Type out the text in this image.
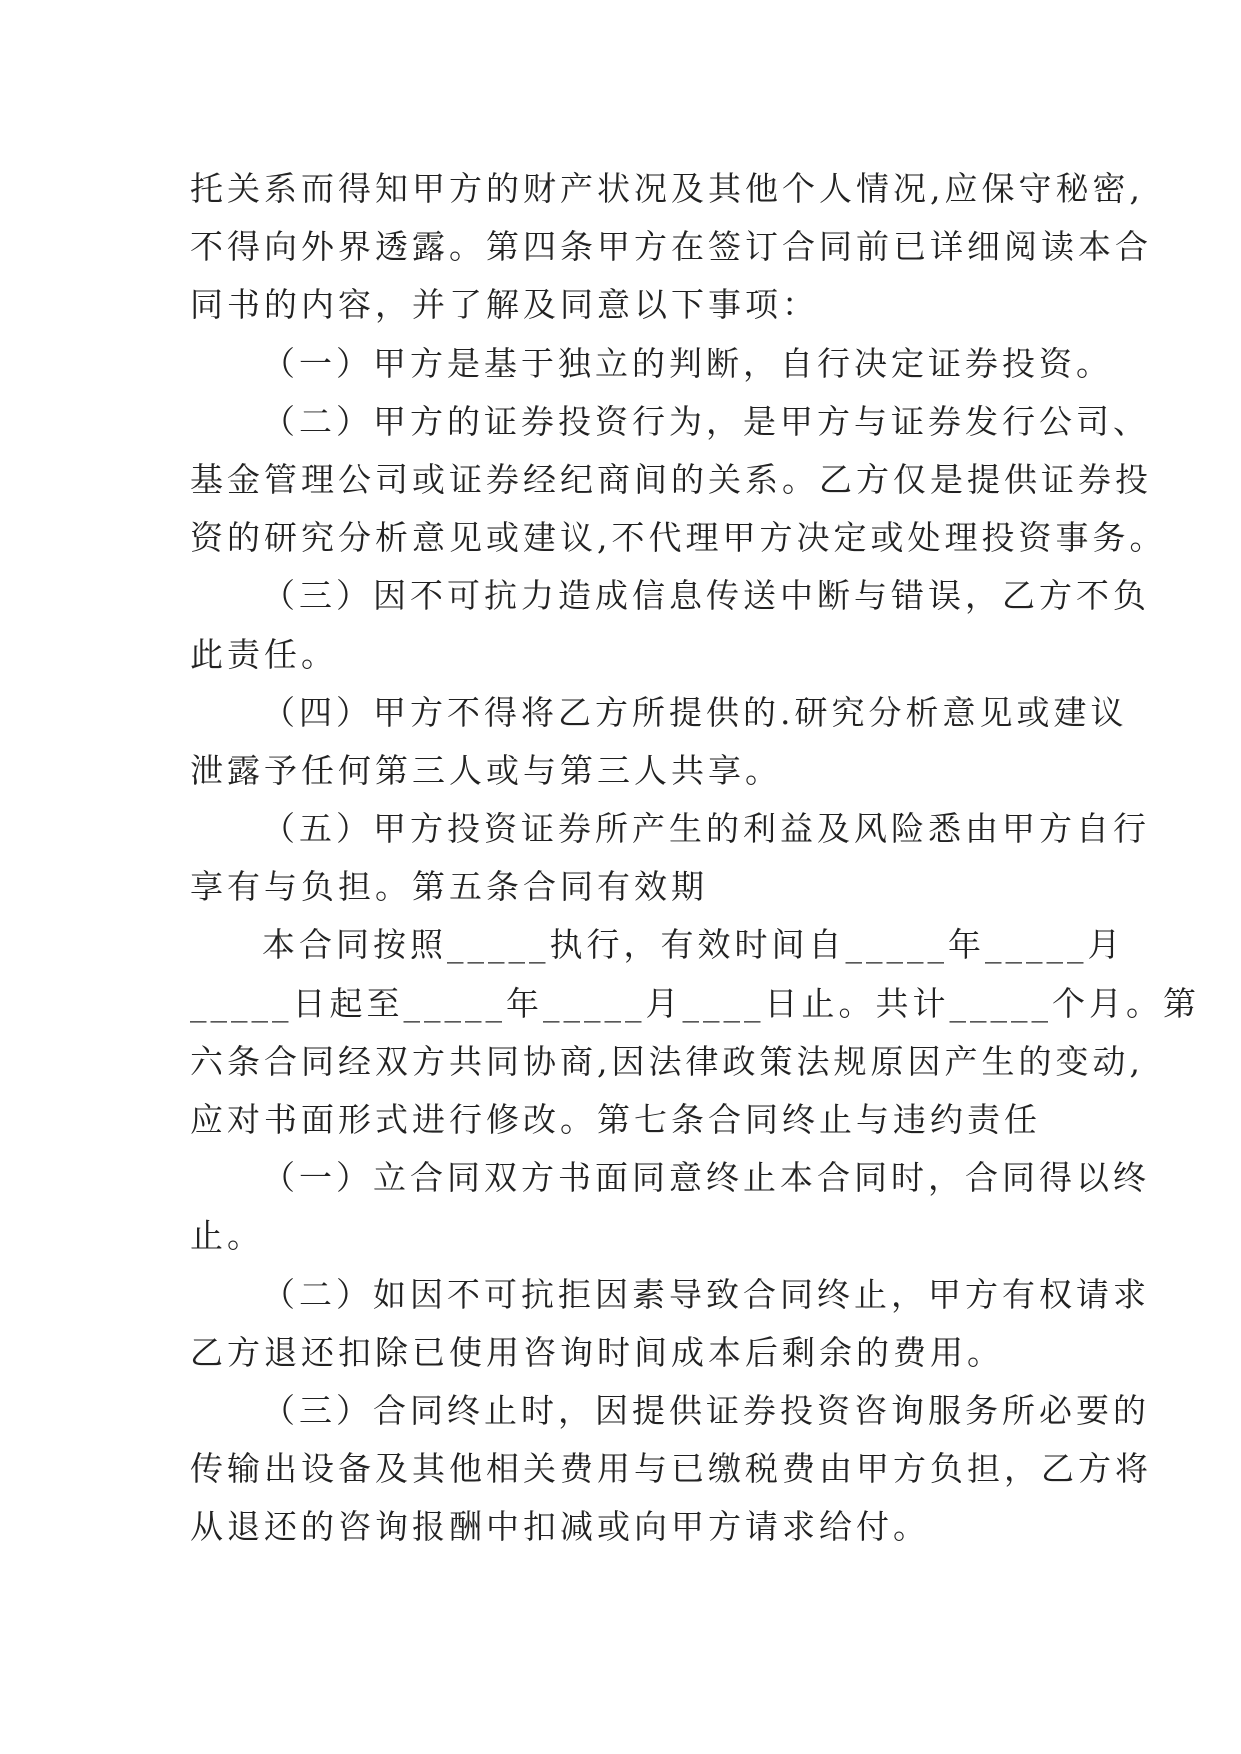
托关系而得知甲方的财产状况及其他个人情况,应保守秘密,
不得向外界透露。第四条甲方在签订合同前已详细阅读本合
同书的内容，并了解及同意以下事项：
（一）甲方是基于独立的判断，自行决定证券投资。
（二）甲方的证券投资行为，是甲方与证券发行公司、
基金管理公司或证券经纪商间的关系。乙方仅是提供证券投
资的研究分析意见或建议,不代理甲方决定或处理投资事务。
（三）因不可抗力造成信息传送中断与错误，乙方不负
此责任。
（四）甲方不得将乙方所提供的.研究分析意见或建议
泄露予任何第三人或与第三人共享。
（五）甲方投资证券所产生的利益及风险悉由甲方自行
享有与负担。第五条合同有效期
本合同按照_____执行，有效时间自_____年_____月
_____日起至_____年_____月____日止。共计_____个月。第
六条合同经双方共同协商,因法律政策法规原因产生的变动,
应对书面形式进行修改。第七条合同终止与违约责任
（一）立合同双方书面同意终止本合同时，合同得以终
止。
（二）如因不可抗拒因素导致合同终止，甲方有权请求
乙方退还扣除已使用咨询时间成本后剩余的费用。
（三）合同终止时，因提供证券投资咨询服务所必要的
传输出设备及其他相关费用与已缴税费由甲方负担，乙方将
从退还的咨询报酬中扣减或向甲方请求给付。
